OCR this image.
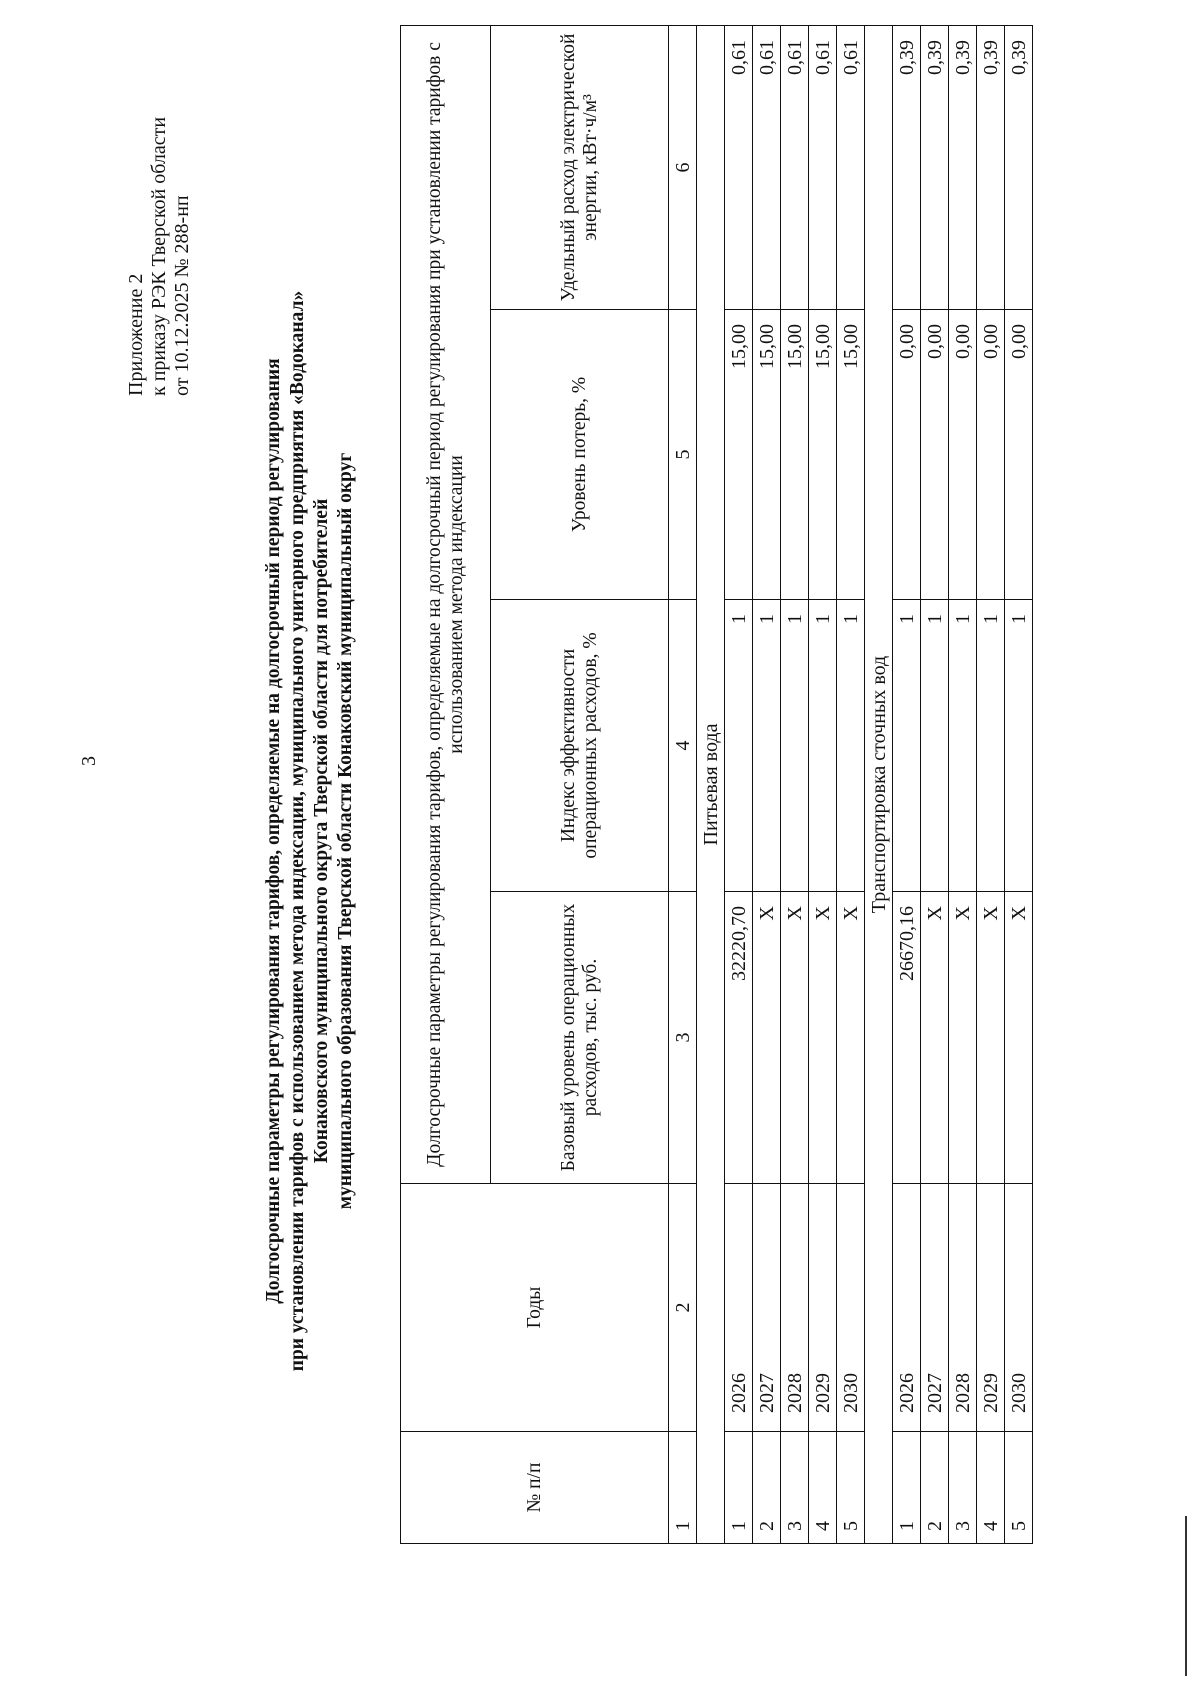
3
Приложение 2 к приказу РЭК Тверской области от 10.12.2025 № 288-нп
Долгосрочные параметры регулирования тарифов, определяемые на долгосрочный период регулирования при установлении тарифов с использованием метода индексации, муниципального унитарного предприятия «Водоканал» Конаковского муниципального округа Тверской области для потребителей муниципального образования Тверской области Конаковский муниципальный округ
№ п/п	Годы	Долгосрочные параметры регулирования тарифов, определяемые на долгосрочный период регулирования при установлении тарифов с использованием метода индексации			
		Базовый уровень операционных расходов, тыс. руб.	Индекс эффективности операционных расходов, %	Уровень потерь, %	Удельный расход электрической энергии, кВт·ч/м³
1	2	3	4	5	6
Питьевая вода					
1	2026	32220,70	1	15,00	0,61
2	2027	Х	1	15,00	0,61
3	2028	Х	1	15,00	0,61
4	2029	Х	1	15,00	0,61
5	2030	Х	1	15,00	0,61
Транспортировка сточных вод					
1	2026	26670,16	1	0,00	0,39
2	2027	Х	1	0,00	0,39
3	2028	Х	1	0,00	0,39
4	2029	Х	1	0,00	0,39
5	2030	Х	1	0,00	0,39
